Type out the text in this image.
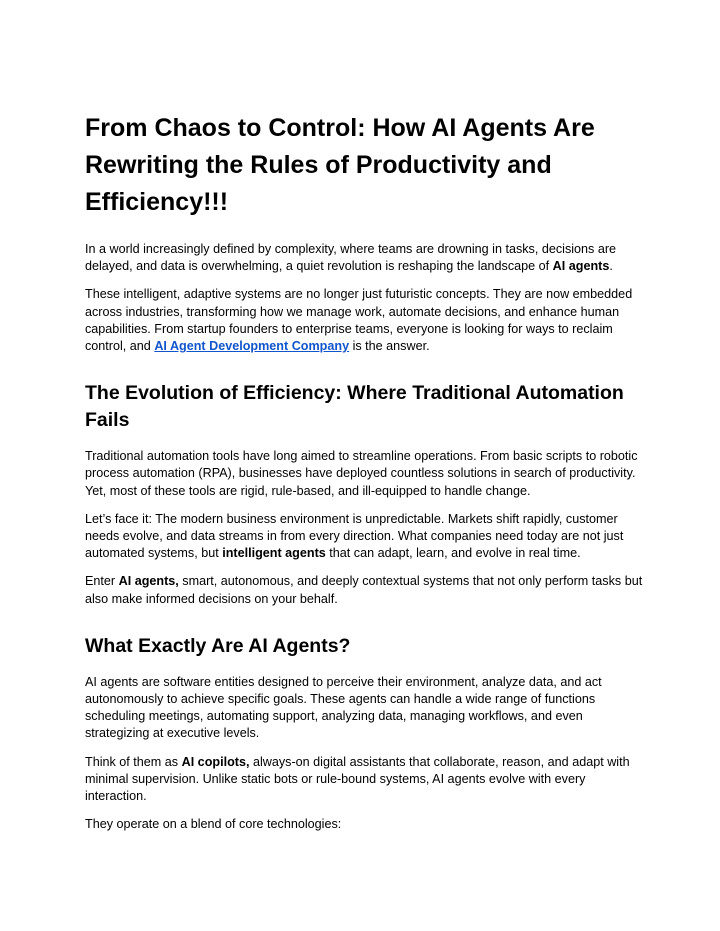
From Chaos to Control: How AI Agents Are Rewriting the Rules of Productivity and Efficiency!!!

In a world increasingly defined by complexity, where teams are drowning in tasks, decisions are delayed, and data is overwhelming, a quiet revolution is reshaping the landscape of AI agents.

These intelligent, adaptive systems are no longer just futuristic concepts. They are now embedded across industries, transforming how we manage work, automate decisions, and enhance human capabilities. From startup founders to enterprise teams, everyone is looking for ways to reclaim control, and AI Agent Development Company is the answer.

The Evolution of Efficiency: Where Traditional Automation Fails

Traditional automation tools have long aimed to streamline operations. From basic scripts to robotic process automation (RPA), businesses have deployed countless solutions in search of productivity. Yet, most of these tools are rigid, rule-based, and ill-equipped to handle change.

Let’s face it: The modern business environment is unpredictable. Markets shift rapidly, customer needs evolve, and data streams in from every direction. What companies need today are not just automated systems, but intelligent agents that can adapt, learn, and evolve in real time.

Enter AI agents, smart, autonomous, and deeply contextual systems that not only perform tasks but also make informed decisions on your behalf.

What Exactly Are AI Agents?

AI agents are software entities designed to perceive their environment, analyze data, and act autonomously to achieve specific goals. These agents can handle a wide range of functions scheduling meetings, automating support, analyzing data, managing workflows, and even strategizing at executive levels.

Think of them as AI copilots, always-on digital assistants that collaborate, reason, and adapt with minimal supervision. Unlike static bots or rule-bound systems, AI agents evolve with every interaction.

They operate on a blend of core technologies:
